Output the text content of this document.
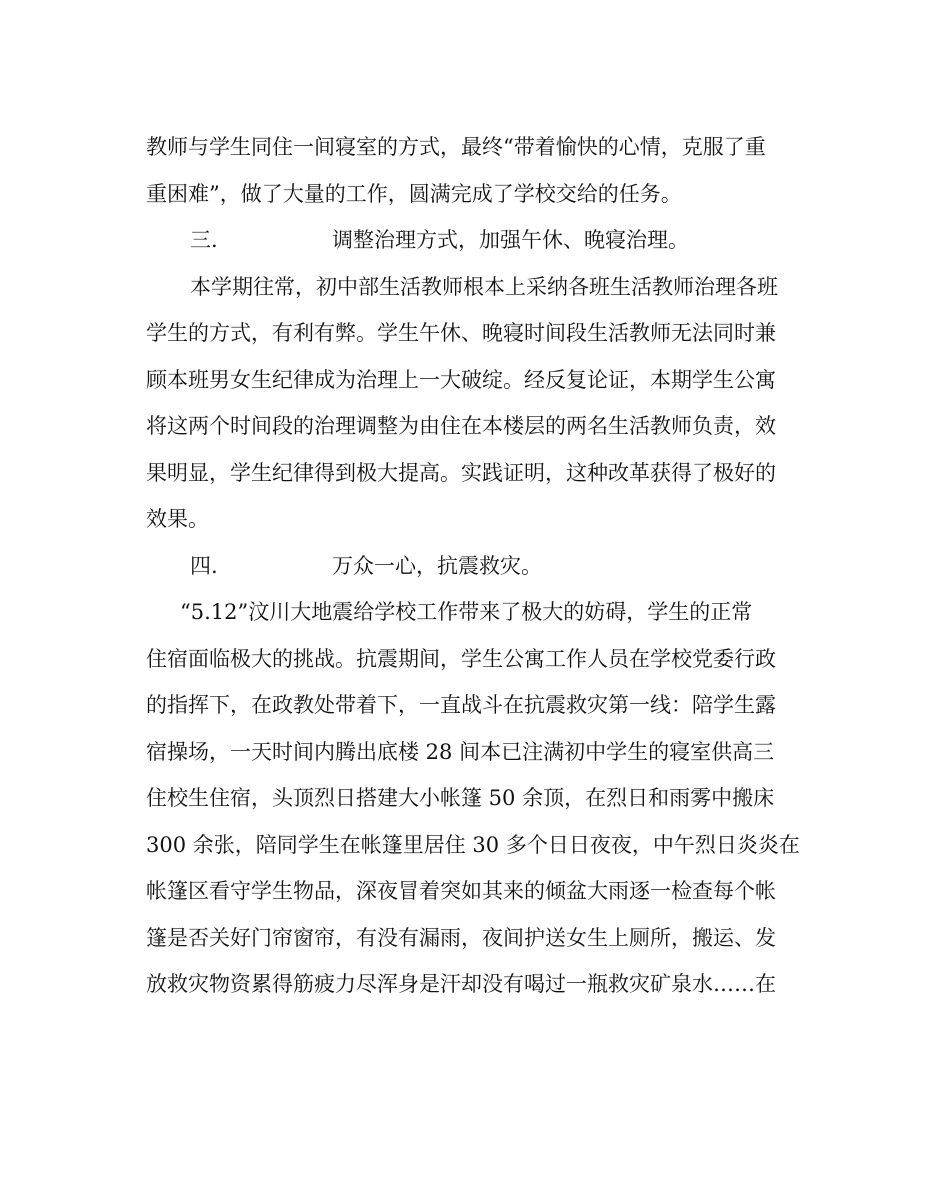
教师与学生同住一间寝室的方式，最终“带着愉快的心情，克服了重
重困难”，做了大量的工作，圆满完成了学校交给的任务。
三.	调整治理方式，加强午休、晚寝治理。
本学期往常，初中部生活教师根本上采纳各班生活教师治理各班
学生的方式，有利有弊。学生午休、晚寝时间段生活教师无法同时兼
顾本班男女生纪律成为治理上一大破绽。经反复论证，本期学生公寓
将这两个时间段的治理调整为由住在本楼层的两名生活教师负责，效
果明显，学生纪律得到极大提高。实践证明，这种改革获得了极好的
效果。
四.	万众一心，抗震救灾。
“5.12”汶川大地震给学校工作带来了极大的妨碍，学生的正常
住宿面临极大的挑战。抗震期间，学生公寓工作人员在学校党委行政
的指挥下，在政教处带着下，一直战斗在抗震救灾第一线：陪学生露
宿操场，一天时间内腾出底楼 28 间本已注满初中学生的寝室供高三
住校生住宿，头顶烈日搭建大小帐篷 50 余顶，在烈日和雨雾中搬床
300 余张，陪同学生在帐篷里居住 30 多个日日夜夜，中午烈日炎炎在
帐篷区看守学生物品，深夜冒着突如其来的倾盆大雨逐一检查每个帐
篷是否关好门帘窗帘，有没有漏雨，夜间护送女生上厕所，搬运、发
放救灾物资累得筋疲力尽浑身是汗却没有喝过一瓶救灾矿泉水……在
